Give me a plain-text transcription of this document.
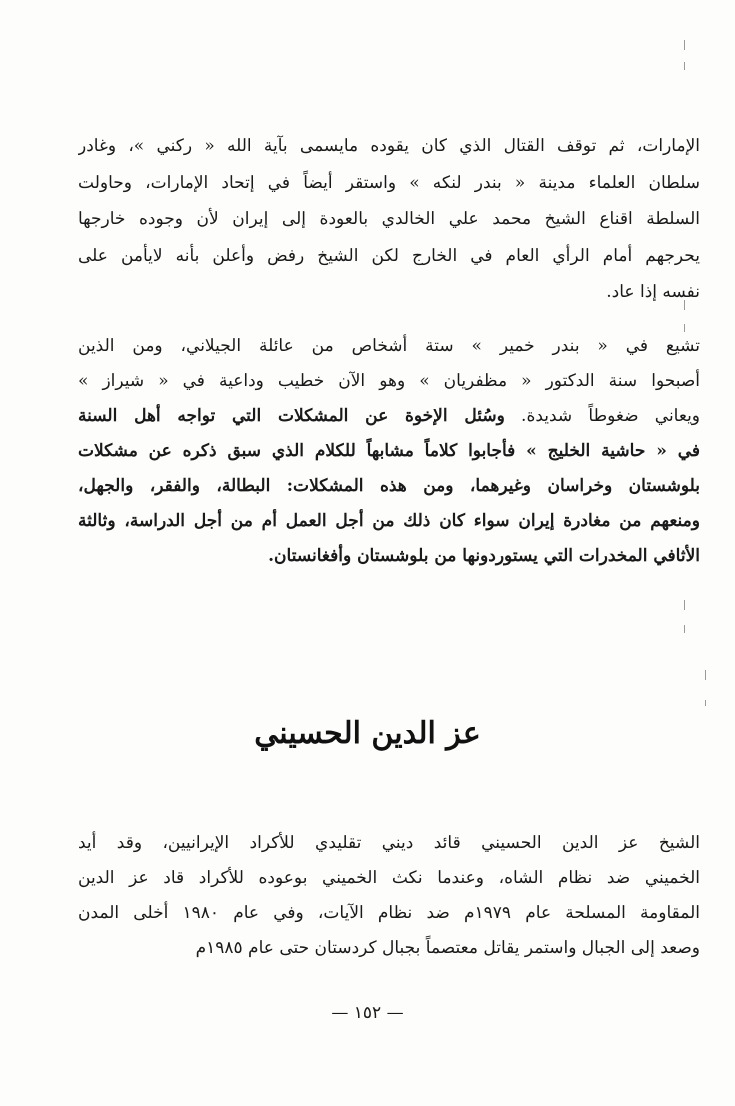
الإمارات، ثم توقف القتال الذي كان يقوده مايسمى بآية الله « ركني »، وغادر
سلطان العلماء مدينة « بندر لنكه » واستقر أيضاً في إتحاد الإمارات، وحاولت
السلطة اقناع الشيخ محمد علي الخالدي بالعودة إلى إيران لأن وجوده خارجها
يحرجهم أمام الرأي العام في الخارج لكن الشيخ رفض وأعلن بأنه لايأمن على
نفسه إذا عاد.

تشيع في « بندر خمير » ستة أشخاص من عائلة الجيلاني، ومن الذين
أصبحوا سنة الدكتور « مظفريان » وهو الآن خطيب وداعية في « شيراز »
ويعاني ضغوطاً شديدة. وسُئل الإخوة عن المشكلات التي تواجه أهل السنة
في « حاشية الخليج » فأجابوا كلاماً مشابهاً للكلام الذي سبق ذكره عن مشكلات
بلوشستان وخراسان وغيرهما، ومن هذه المشكلات: البطالة، والفقر، والجهل،
ومنعهم من مغادرة إيران سواء كان ذلك من أجل العمل أم من أجل الدراسة، وثالثة
الأثافي المخدرات التي يستوردونها من بلوشستان وأفغانستان.

عز الدين الحسيني

الشيخ عز الدين الحسيني قائد ديني تقليدي للأكراد الإيرانيين، وقد أيد
الخميني ضد نظام الشاه، وعندما نكث الخميني بوعوده للأكراد قاد عز الدين
المقاومة المسلحة عام ١٩٧٩م ضد نظام الآيات، وفي عام ١٩٨٠ أخلى المدن
وصعد إلى الجبال واستمر يقاتل معتصماً بجبال كردستان حتى عام ١٩٨٥م

— ١٥٢ —
